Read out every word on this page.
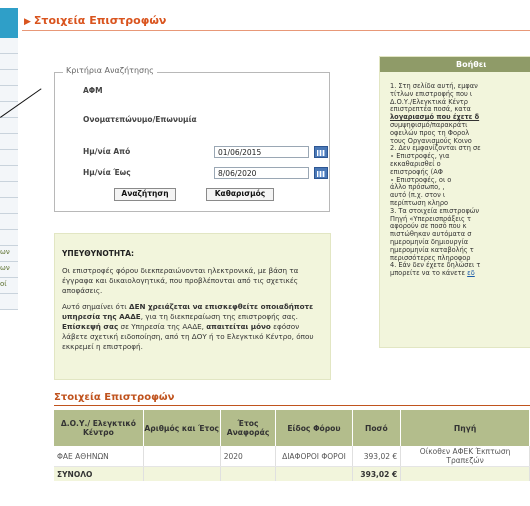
ων
ων
οί
▶ Στοιχεία Επιστροφών
Κριτήρια Αναζήτησης
ΑΦΜ
Ονοματεπώνυμο/Επωνυμία
Ημ/νία Από	01/06/2015
Ημ/νία Έως	8/06/2020
Αναζήτηση	Καθαρισμός
ΥΠΕΥΘΥΝΟΤΗΤΑ:

Οι επιστροφές φόρου διεκπεραιώνονται ηλεκτρονικά, με βάση τα έγγραφα και δικαιολογητικά, που προβλέπονται από τις σχετικές αποφάσεις.

Αυτό σημαίνει ότι ΔΕΝ χρειάζεται να επισκεφθείτε οποιαδήποτε υπηρεσία της ΑΑΔΕ, για τη διεκπεραίωση της επιστροφής σας. Επίσκεψή σας σε Υπηρεσία της ΑΑΔΕ, απαιτείται μόνο εφόσον λάβετε σχετική ειδοποίηση, από τη ΔΟΥ ή το Ελεγκτικό Κέντρο, όπου εκκρεμεί η επιστροφή.

Βοήθει
1. Στη σελίδα αυτή, εμφαν
τίτλων επιστροφής που ι
Δ.Ο.Υ./Ελεγκτικά Κέντρ
επιστρεπτέα ποσά, κατα
λογαριασμό που έχετε δ
συμψηφισμό/παρακράτι
οφειλών προς τη Φορολ
τους Οργανισμούς Κοινο
2. Δεν εμφανίζονται στη σε
∘ Επιστροφές, για
εκκαθαρισθεί ο
επιστροφής (ΑΦ
∘ Επιστροφές, οι ο
άλλο πρόσωπο, ,
αυτό (π.χ. στον ι
περίπτωση κληρο
3. Τα στοιχεία επιστροφών
Πηγή «Υπερεισπράξεις τ
αφορούν σε ποσό που κ
πιστώθηκαν αυτόματα σ
ημερομηνία δημιουργία
ημερομηνία καταβολής τ
περισσότερες πληροφορ
4. Εάν δεν έχετε δηλώσει τ
μπορείτε να το κάνετε εδ
Στοιχεία Επιστροφών
Δ.Ο.Υ./ Ελεγκτικό Κέντρο	Αριθμός και Έτος	Έτος Αναφοράς	Είδος Φόρου	Ποσό	Πηγή
ΦΑΕ ΑΘΗΝΩΝ		2020	ΔΙΑΦΟΡΟΙ ΦΟΡΟΙ	393,02 €	Οίκοθεν ΑΦΕΚ Έκπτωση Τραπεζών
ΣΥΝΟΛΟ				393,02 €	
